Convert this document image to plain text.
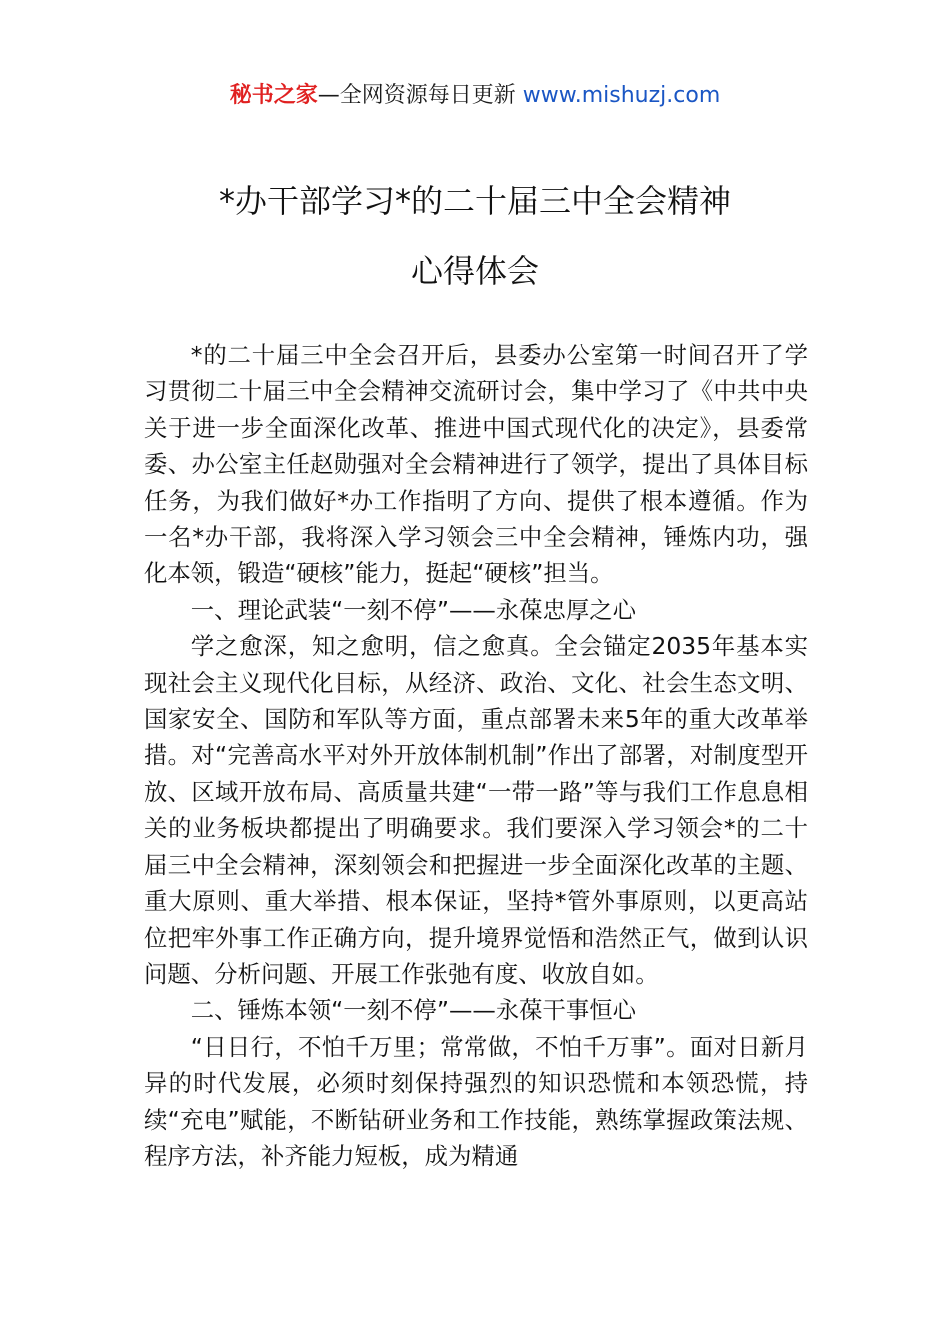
秘书之家—全网资源每日更新 www.mishuzj.com
*办干部学习*的二十届三中全会精神
心得体会

*的二十届三中全会召开后，县委办公室第一时间召开了学习贯彻二十届三中全会精神交流研讨会，集中学习了《中共中央关于进一步全面深化改革、推进中国式现代化的决定》，县委常委、办公室主任赵勋强对全会精神进行了领学，提出了具体目标任务，为我们做好*办工作指明了方向、提供了根本遵循。作为一名*办干部，我将深入学习领会三中全会精神，锤炼内功，强化本领，锻造“硬核”能力，挺起“硬核”担当。

一、理论武装“一刻不停”——永葆忠厚之心

学之愈深，知之愈明，信之愈真。全会锚定2035年基本实现社会主义现代化目标，从经济、政治、文化、社会生态文明、国家安全、国防和军队等方面，重点部署未来5年的重大改革举措。对“完善高水平对外开放体制机制”作出了部署，对制度型开放、区域开放布局、高质量共建“一带一路”等与我们工作息息相关的业务板块都提出了明确要求。我们要深入学习领会*的二十届三中全会精神，深刻领会和把握进一步全面深化改革的主题、重大原则、重大举措、根本保证，坚持*管外事原则，以更高站位把牢外事工作正确方向，提升境界觉悟和浩然正气，做到认识问题、分析问题、开展工作张弛有度、收放自如。

二、锤炼本领“一刻不停”——永葆干事恒心

“日日行，不怕千万里；常常做，不怕千万事”。面对日新月异的时代发展，必须时刻保持强烈的知识恐慌和本领恐慌，持续“充电”赋能，不断钻研业务和工作技能，熟练掌握政策法规、程序方法，补齐能力短板，成为精通
